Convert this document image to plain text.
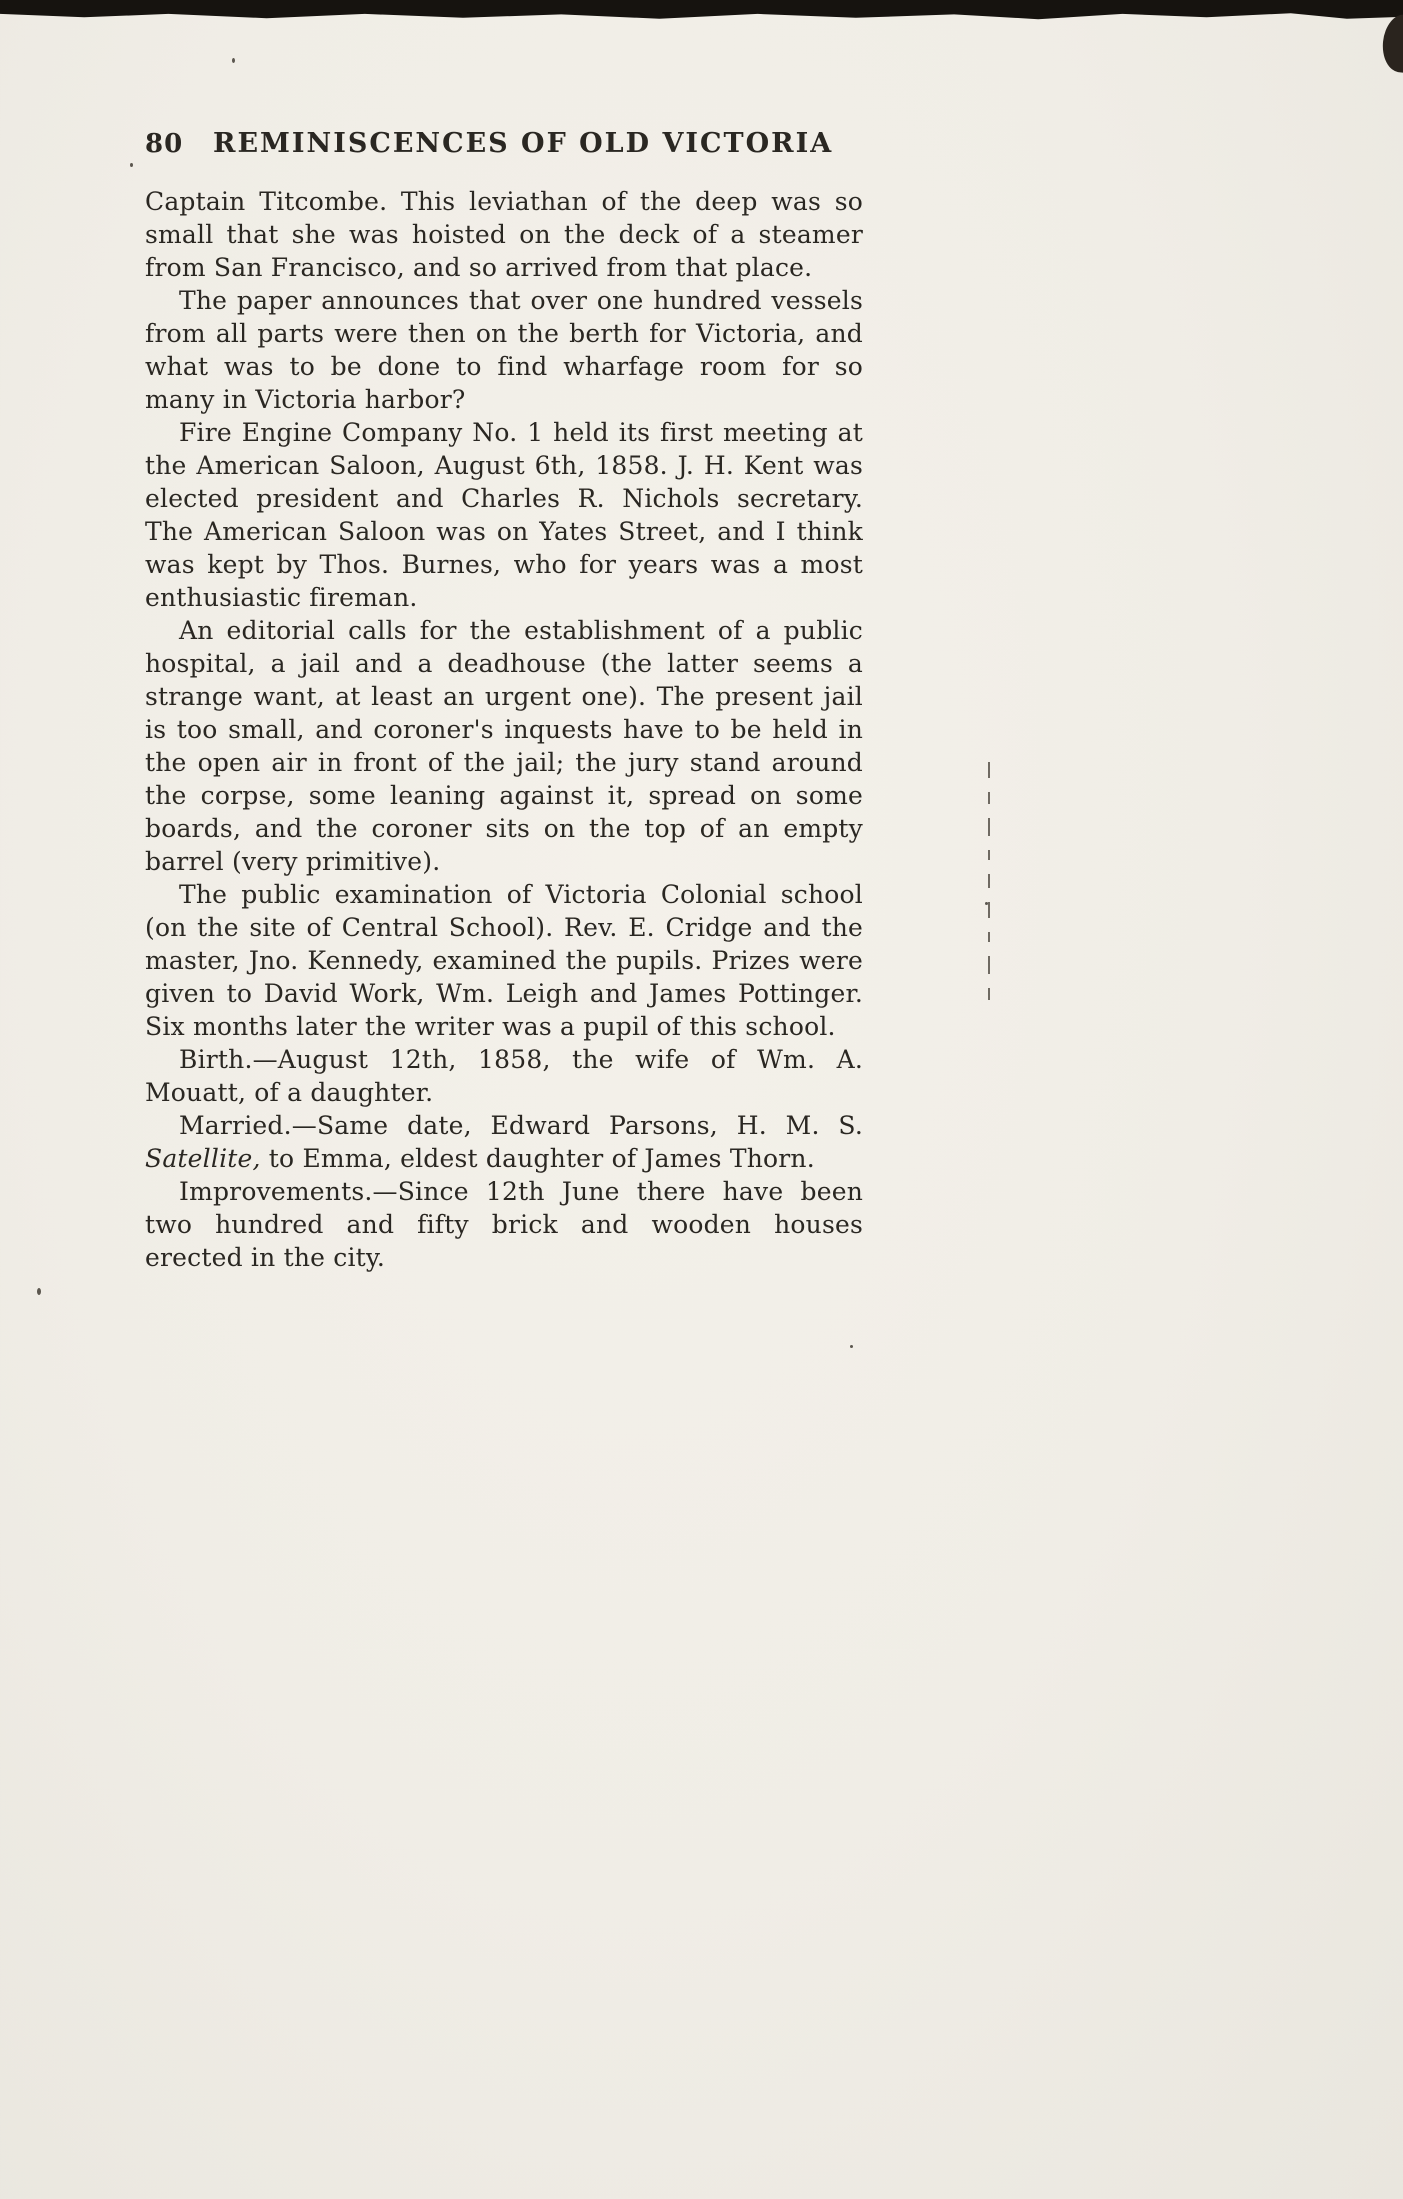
80	REMINISCENCES OF OLD VICTORIA

Captain Titcombe. This leviathan of the deep was so small that she was hoisted on the deck of a steamer from San Francisco, and so arrived from that place.

The paper announces that over one hundred vessels from all parts were then on the berth for Victoria, and what was to be done to find wharfage room for so many in Victoria harbor?

Fire Engine Company No. 1 held its first meeting at the American Saloon, August 6th, 1858. J. H. Kent was elected president and Charles R. Nichols secretary. The American Saloon was on Yates Street, and I think was kept by Thos. Burnes, who for years was a most enthusiastic fireman.

An editorial calls for the establishment of a public hospital, a jail and a deadhouse (the latter seems a strange want, at least an urgent one). The present jail is too small, and coroner's inquests have to be held in the open air in front of the jail; the jury stand around the corpse, some leaning against it, spread on some boards, and the coroner sits on the top of an empty barrel (very primitive).

The public examination of Victoria Colonial school (on the site of Central School). Rev. E. Cridge and the master, Jno. Kennedy, examined the pupils. Prizes were given to David Work, Wm. Leigh and James Pottinger. Six months later the writer was a pupil of this school.

Birth.—August 12th, 1858, the wife of Wm. A. Mouatt, of a daughter.

Married.—Same date, Edward Parsons, H. M. S. Satellite, to Emma, eldest daughter of James Thorn.

Improvements.—Since 12th June there have been two hundred and fifty brick and wooden houses erected in the city.
